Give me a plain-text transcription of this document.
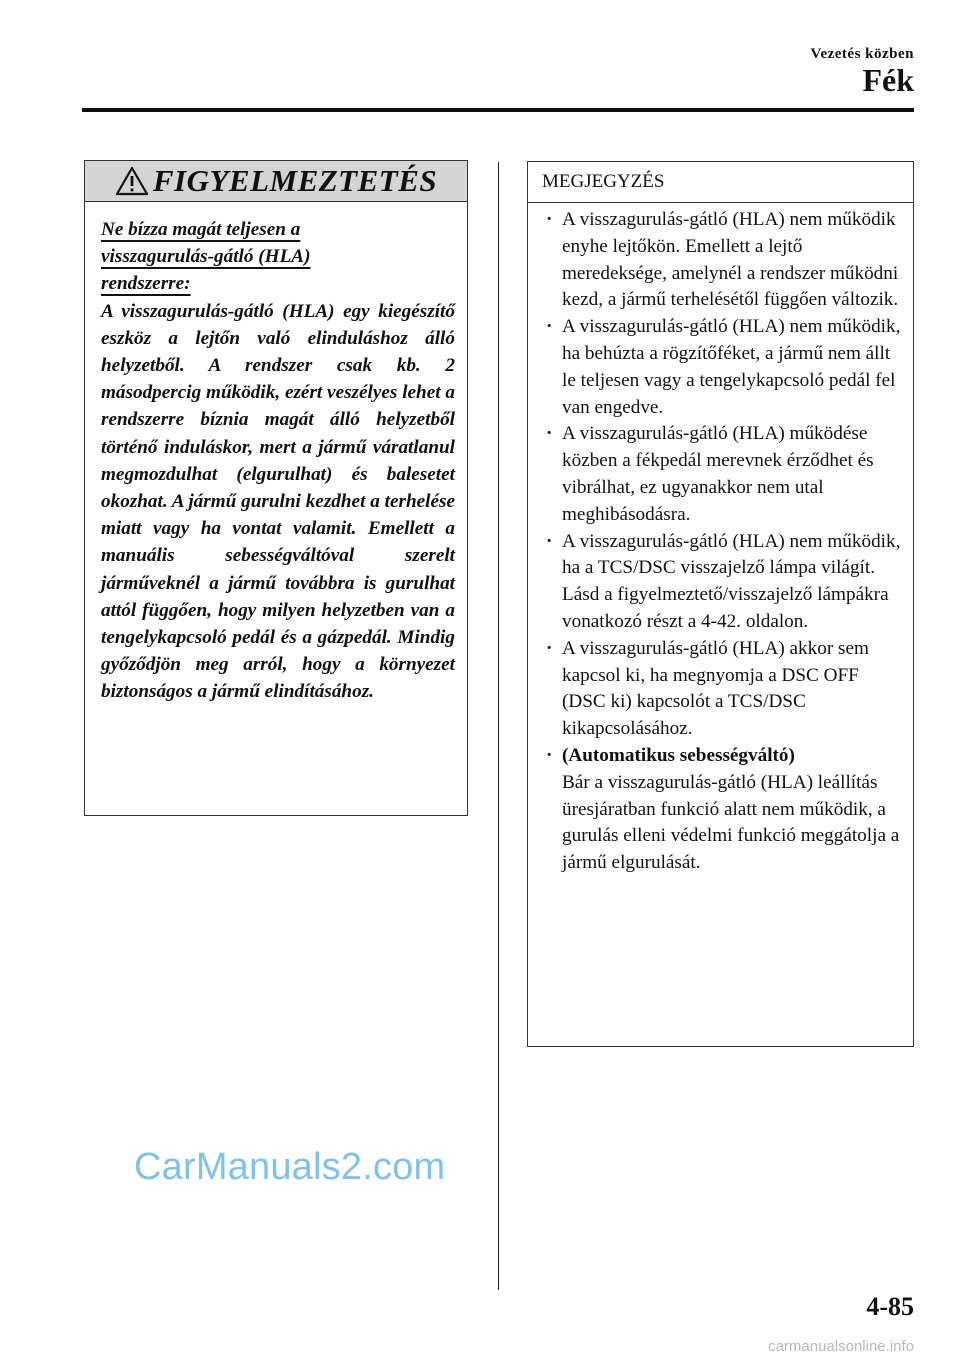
Vezetés közben
Fék
FIGYELMEZTETÉS
Ne bízza magát teljesen a visszagurulás-gátló (HLA) rendszerre:
A visszagurulás-gátló (HLA) egy kiegészítő eszköz a lejtőn való elinduláshoz álló helyzetből. A rendszer csak kb. 2 másodpercig működik, ezért veszélyes lehet a rendszerre bíznia magát álló helyzetből történő induláskor, mert a jármű váratlanul megmozdulhat (elgurulhat) és balesetet okozhat. A jármű gurulni kezdhet a terhelése miatt vagy ha vontat valamit. Emellett a manuális sebességváltóval szerelt járműveknél a jármű továbbra is gurulhat attól függően, hogy milyen helyzetben van a tengelykapcsoló pedál és a gázpedál. Mindig győződjön meg arról, hogy a környezet biztonságos a jármű elindításához.
MEGJEGYZÉS
· A visszagurulás-gátló (HLA) nem működik enyhe lejtőkön. Emellett a lejtő meredeksége, amelynél a rendszer működni kezd, a jármű terhelésétől függően változik.
· A visszagurulás-gátló (HLA) nem működik, ha behúzta a rögzítőféket, a jármű nem állt le teljesen vagy a tengelykapcsoló pedál fel van engedve.
· A visszagurulás-gátló (HLA) működése közben a fékpedál merevnek érződhet és vibrálhat, ez ugyanakkor nem utal meghibásodásra.
· A visszagurulás-gátló (HLA) nem működik, ha a TCS/DSC visszajelző lámpa világít.
Lásd a figyelmeztető/visszajelző lámpákra vonatkozó részt a 4-42. oldalon.
· A visszagurulás-gátló (HLA) akkor sem kapcsol ki, ha megnyomja a DSC OFF (DSC ki) kapcsolót a TCS/DSC kikapcsolásához.
· (Automatikus sebességváltó)
Bár a visszagurulás-gátló (HLA) leállítás üresjáratban funkció alatt nem működik, a gurulás elleni védelmi funkció meggátolja a jármű elgurulását.
CarManuals2.com
4-85
carmanualsonline.info
